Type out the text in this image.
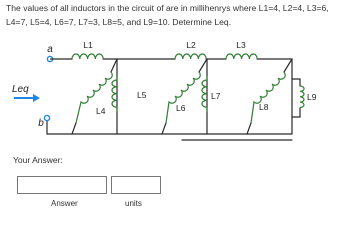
The values of all inductors in the circuit of are in millihenrys where L1=4, L2=4, L3=6, L4=7, L5=4, L6=7, L7=3, L8=5, and L9=10. Determine Leq.
a
b
Leq
L1	L2	L3
L4
L5
L6
L7
L8
L9
Your Answer:
Answer	units
